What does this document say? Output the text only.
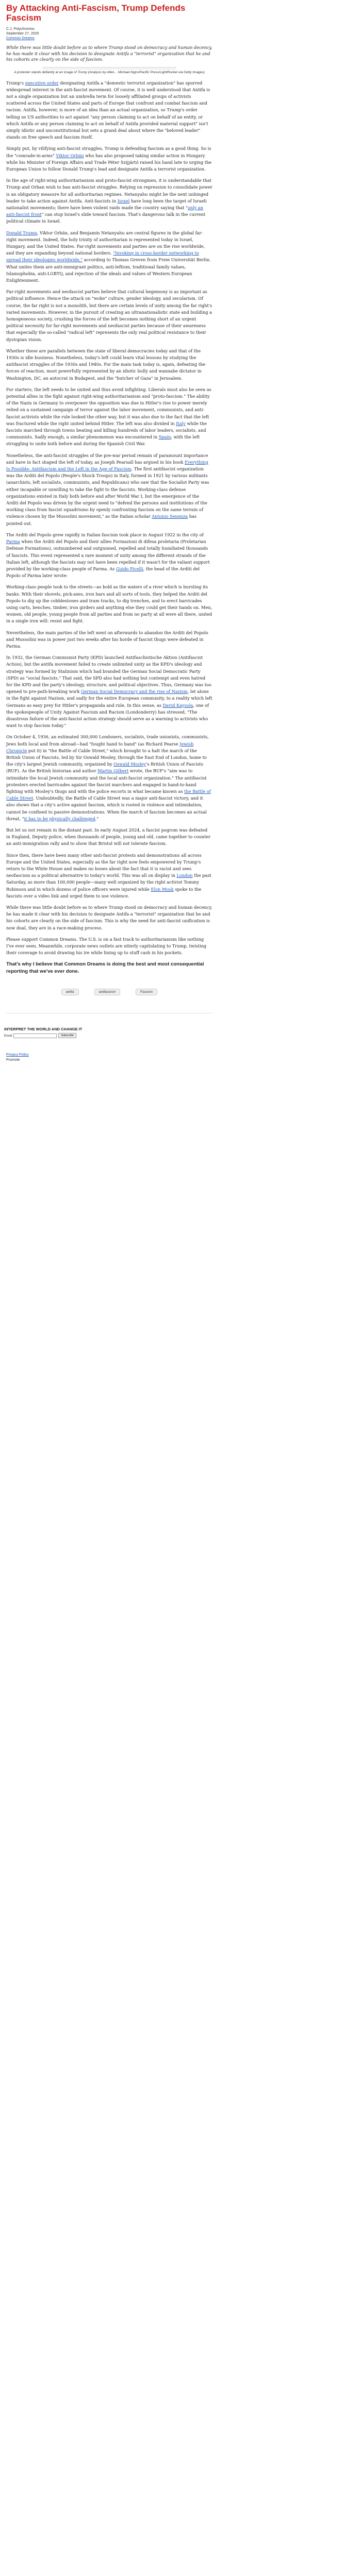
By Attacking Anti-Fascism, Trump Defends Fascism
C.J. Polychroniou
September 27, 2025
Common Dreams

While there was little doubt before as to where Trump stood on democracy and human decency, he has made it clear with his decision to designate Antifa a "terrorist" organization that he and his cohorts are clearly on the side of fascism.

A protester stands defiantly at an image of Trump (Analysis by Allen... Michael Nigro/Pacific Press/LightRocket via Getty Images)

Trump's executive order designating Antifa a "domestic terrorist organization" has spurred widespread interest in the anti-fascist movement. Of course, it is well understood that Antifa is not a single organization but an umbrella term for loosely affiliated groups of activists scattered across the United States and parts of Europe that confront and combat fascism and racism. Antifa, however, is more of an idea than an actual organization, so Trump's order telling us US authorities to act against "any person claiming to act on behalf of an entity, or which Antifa or any person claiming to act on behalf of Antifa provided material support" isn't simply idiotic and unconstitutional but sets a grand deal about where the "beloved leader" stands on free speech and fascism itself.

Simply put, by vilifying anti-fascist struggles, Trump is defending fascism as a good thing. So is the "comrade-in-arms" Viktor Orbán who has also proposed taking similar action in Hungary while his Minister of Foreign Affairs and Trade Péter Szijjártó raised his hand late to urging the European Union to follow Donald Trump's lead and designate Antifa a terrorist organization.

In the age of right-wing authoritarianism and proto-fascist strongmen, it is understandable that Trump and Orban wish to ban anti-fascist struggles. Relying on repression to consolidate power is an obligatory measure for all authoritarian regimes. Netanyahu might be the next unhinged leader to take action against Antifa. Anti-fascists in Israel have long been the target of Israeli nationalist movements; there have been violent raids made the country saying that "only an anti-fascist front" can stop Israel's slide toward fascism. That's dangerous talk in the current political climate in Israel.

Donald Trump, Viktor Orbán, and Benjamin Netanyahu are central figures in the global far-right movement. Indeed, the holy trinity of authoritarian is represented today in Israel, Hungary, and the United States. Far-right movements and parties are on the rise worldwide, and they are expanding beyond national borders. "Invoking in cross-border networking to spread their ideologies worldwide," according to Thomas Greven from Freie Universität Berlin. What unites them are anti-immigrant politics, anti-leftism, traditional family values, Islamophobia, anti-LGBTQ, and rejection of the ideals and values of Western European Enlightenment.

Far-right movements and neofascist parties believe that cultural hegemony is as important as political influence. Hence the attack on "woke" culture, gender ideology, and secularism. Of course, the far right is not a monolith, but there are certain levels of unity among the far right's varied movements. However, in the pursuit of creating an ultranationalistic state and building a homogeneous society, crushing the forces of the left becomes nothing short of an urgent political necessity for far-right movements and neofascist parties because of their awareness that especially the so-called "radical left" represents the only real political resistance to their dystopian vision.

Whether these are parallels between the state of liberal democracies today and that of the 1930s is idle business. Nonetheless, today's left could learn vital lessons by studying the antifascist struggles of the 1930s and 1940s. For the main task today is, again, defeating the forces of reaction, most powerfully represented by an idiotic bully and wannabe dictator in Washington, DC, an autocrat in Budapest, and the "butcher of Gaza" in Jerusalem.

For starters, the left needs to be united and thus avoid infighting. Liberals must also be seen as potential allies in the fight against right-wing authoritarianism and "proto-fascism." The ability of the Nazis in Germany to overpower the opposition was due in Hitler's rise to power merely relied on a sustained campaign of terror against the labor movement, communists, and anti-fascist activists while the rule looked the other way, but it was also due to the fact that the left was fractured while the right united behind Hitler. The left was also divided in Italy while the fascists marched through towns beating and killing hundreds of labor leaders, socialists, and communists. Sadly enough, a similar phenomenon was encountered in Spain, with the left struggling to unite both before and during the Spanish Civil War.

Nonetheless, the anti-fascist struggles of the pre-war period remain of paramount importance and have in fact shaped the left of today, as Joseph Pearsall has argued in his book Everything Is Possible: Antifascism and the Left in the Age of Fascism. The first antifascist organization was the Arditi del Popolo (People's Shock Troops) in Italy, formed in 1921 by various militants (anarchists, left socialists, communists, and Republicans) who saw that the Socialist Party was either incapable or unwilling to take the fight to the fascists. Working-class defense organizations existed in Italy both before and after World War I, but the emergence of the Arditi del Popolo was driven by the urgent need to "defend the persons and institutions of the working class from fascist squadrismo by openly confronting fascism on the same terrain of violence chosen by the Mussolini movement," as the Italian scholar Antonio Senenza has pointed out.

The Arditi del Popolo grew rapidly in Italian fascism took place in August 1922 in the city of Parma when the Arditi del Popolo and their allies Formazioni di difesa proletaria (Proletarian Defense Formations), outnumbered and outgunned, repelled and totally humiliated thousands of fascists. This event represented a rare moment of unity among the different strands of the Italian left, although the fascists may not have been repelled if it wasn't for the valiant support provided by the working-class people of Parma. As Guido Picelli, the head of the Arditi del Popolo of Parma later wrote:

Working-class people took to the streets—as bold as the waters of a river which is bursting its banks. With their shovels, pick-axes, iron bars and all sorts of tools, they helped the Arditi del Popolo to dig up the cobblestones and tram tracks, to dig trenches, and to erect barricades using carts, benches, timber, iron girders and anything else they could get their hands on. Men, women, old people, young people from all parties and from no party at all were all there, united in a single iron will: resist and fight.

Nevertheless, the main parties of the left went on afterwards to abandon the Arditi del Popolo and Mussolini was in power just two weeks after his horde of fascist thugs were defeated in Parma.

In 1932, the German Communist Party (KPD) launched Antifaschistische Aktion (Antifascist Action), but the antifa movement failed to create unlimited unity as the KPD's ideology and strategy was formed by Stalinism which had branded the German Social Democratic Party (SPD) as "social fascists." That said, the SPD also had nothing but contempt and even hatred for the KPD and the party's ideology, structure, and political objectives. Thus, Germany was too opened to pre-path-breaking work German Social Democracy and the rise of Nazism, let alone in the fight against Nazism, and sadly for the entire European community, to a reality which left Germans as easy prey for Hitler's propaganda and rule. In this sense, as David Kaysola, one of the spokespeople of Unity Against Fascism and Racism (Londonderry) has stressed, "The disastrous failure of the anti-fascist action strategy should serve as a warning to activists who want to stop fascism today."

On October 4, 1936, an estimated 300,000 Londoners, socialists, trade unionists, communists, Jews both local and from abroad—had "fought hand to hand" (as Richard Pearse Jewish Chronicle put it) in "the Battle of Cable Street," which brought to a halt the march of the British Union of Fascists, led by Sir Oswald Mosley, through the East End of London, home to the city's largest Jewish community, organized by Oswald Mosley's British Union of Fascists (BUF). As the British historian and author Martin Gilbert wrote, the BUF's "aim was to intimidate the local Jewish community and the local anti-fascist organization." The antifascist protesters erected barricades against the fascist marchers and engaged in hand-to-hand fighting with Mosley's thugs and with the police escorts in what became known as the Battle of Cable Street. Undoubtedly, the Battle of Cable Street was a major anti-fascist victory, and it also shows that a city's active against fascism, which is rooted in violence and intimidation, cannot be confined to passive demonstrations. When the march of fascism becomes an actual threat, "it has to be physically challenged."

But let us not remain in the distant past. In early August 2024, a fascist pogrom was defeated in England, Deputy police, when thousands of people, young and old, came together to counter an anti-immigration rally and to show that Bristol will not tolerate fascism.

Since then, there have been many other anti-fascist protests and demonstrations all across Europe and the United States, especially as the far right now feels empowered by Trump's return to the White House and makes no bones about the fact that it is racist and sees neofascism as a political alternative to today's world. This was all on display in London the past Saturday, as more than 100,000 people—many well organized by the right activist Tommy Robinson and in which dozens of police officers were injured while Elon Musk spoke to the fascists over a video link and urged them to use violence.

While there was little doubt before as to where Trump stood on democracy and human decency, he has made it clear with his decision to designate Antifa a "terrorist" organization that he and his cohorts are clearly on the side of fascism. This is why the need for anti-fascist unification is now dual, they are in a race-making process.

Please support Common Dreams. The U.S. is on a fast track to authoritarianism like nothing I've ever seen. Meanwhile, corporate news outlets are utterly capitulating to Trump, twisting their coverage to avoid drawing his ire while lining up to stuff cash in his pockets.

That's why I believe that Common Dreams is doing the best and most consequential reporting that we've ever done.

antifa	antifascism	Fascism
INTERPRET THE WORLD AND CHANGE IT
Email	Subscribe

Privacy Policy

Promote
